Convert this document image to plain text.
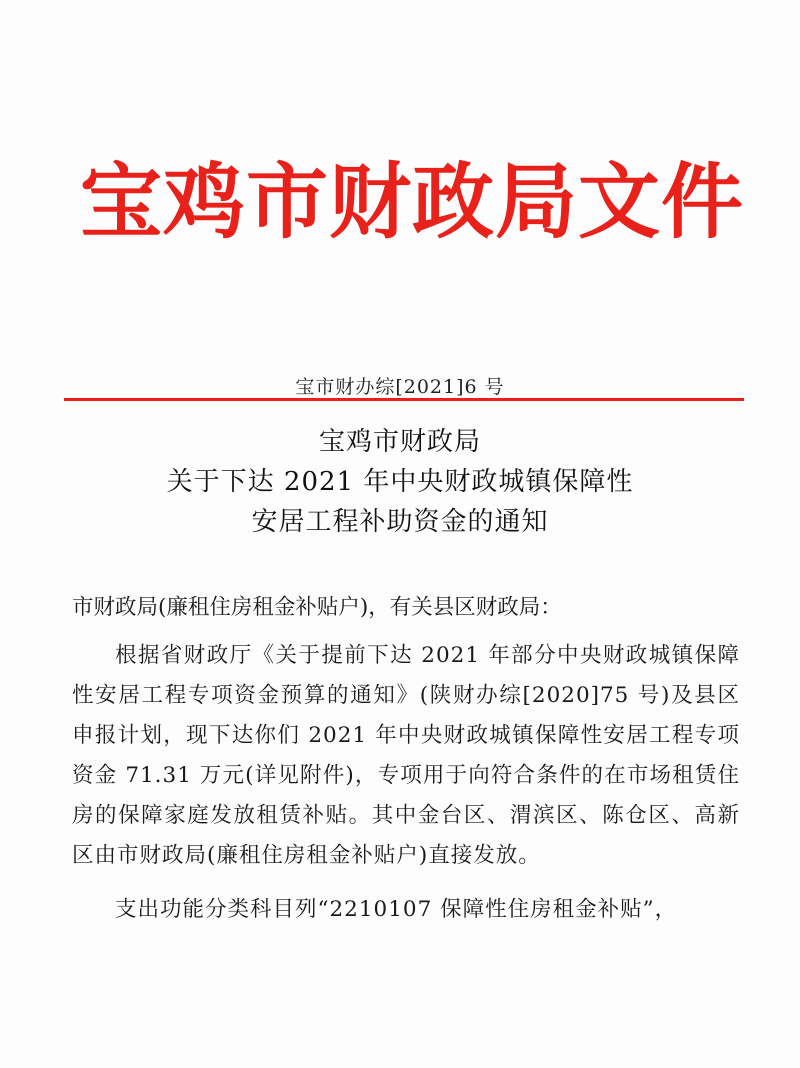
宝鸡市财政局文件
宝市财办综[2021]6 号
宝鸡市财政局
关于下达 2021 年中央财政城镇保障性
安居工程补助资金的通知

市财政局(廉租住房租金补贴户)，有关县区财政局：

根据省财政厅《关于提前下达 2021 年部分中央财政城镇保障性安居工程专项资金预算的通知》(陕财办综[2020]75 号)及县区申报计划，现下达你们 2021 年中央财政城镇保障性安居工程专项资金 71.31 万元(详见附件)，专项用于向符合条件的在市场租赁住房的保障家庭发放租赁补贴。其中金台区、渭滨区、陈仓区、高新区由市财政局(廉租住房租金补贴户)直接发放。

支出功能分类科目列“2210107 保障性住房租金补贴”，
